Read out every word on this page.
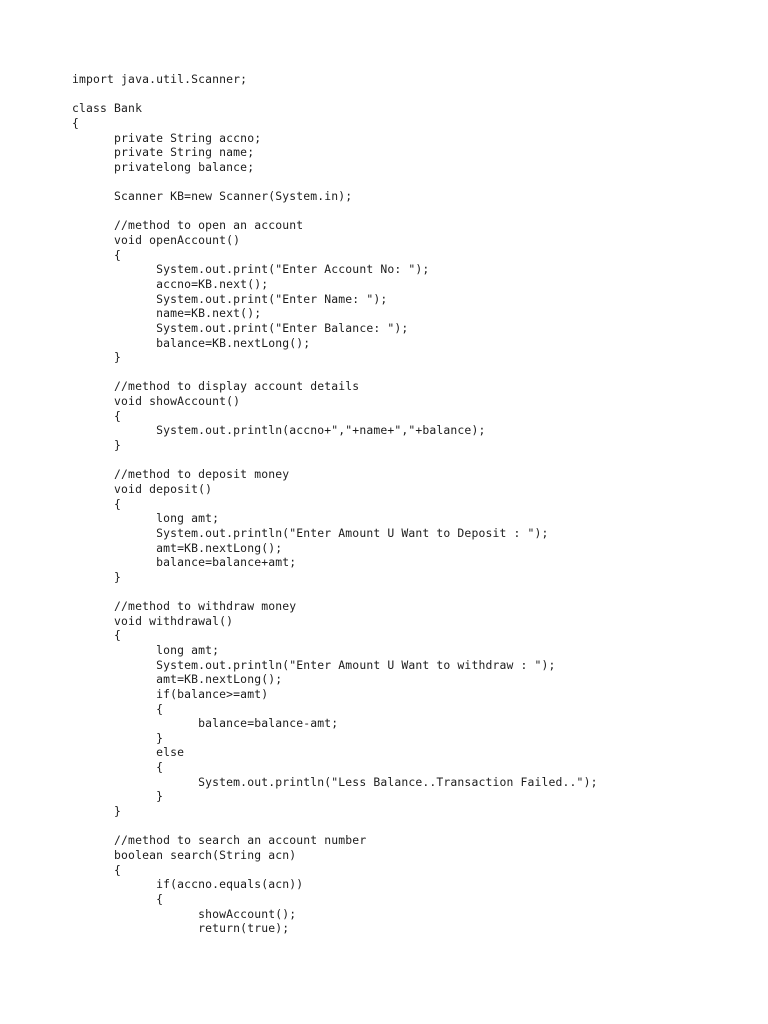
import java.util.Scanner;
class Bank
{
private String accno;
private String name;
privatelong balance;
Scanner KB=new Scanner(System.in);
//method to open an account
void openAccount()
{
System.out.print("Enter Account No: ");
accno=KB.next();
System.out.print("Enter Name: ");
name=KB.next();
System.out.print("Enter Balance: ");
balance=KB.nextLong();
}
//method to display account details
void showAccount()
{
System.out.println(accno+","+name+","+balance);
}
//method to deposit money
void deposit()
{
long amt;
System.out.println("Enter Amount U Want to Deposit : ");
amt=KB.nextLong();
balance=balance+amt;
}
//method to withdraw money
void withdrawal()
{
long amt;
System.out.println("Enter Amount U Want to withdraw : ");
amt=KB.nextLong();
if(balance>=amt)
{
balance=balance-amt;
}
else
{
System.out.println("Less Balance..Transaction Failed..");
}
}
//method to search an account number
boolean search(String acn)
{
if(accno.equals(acn))
{
showAccount();
return(true);
